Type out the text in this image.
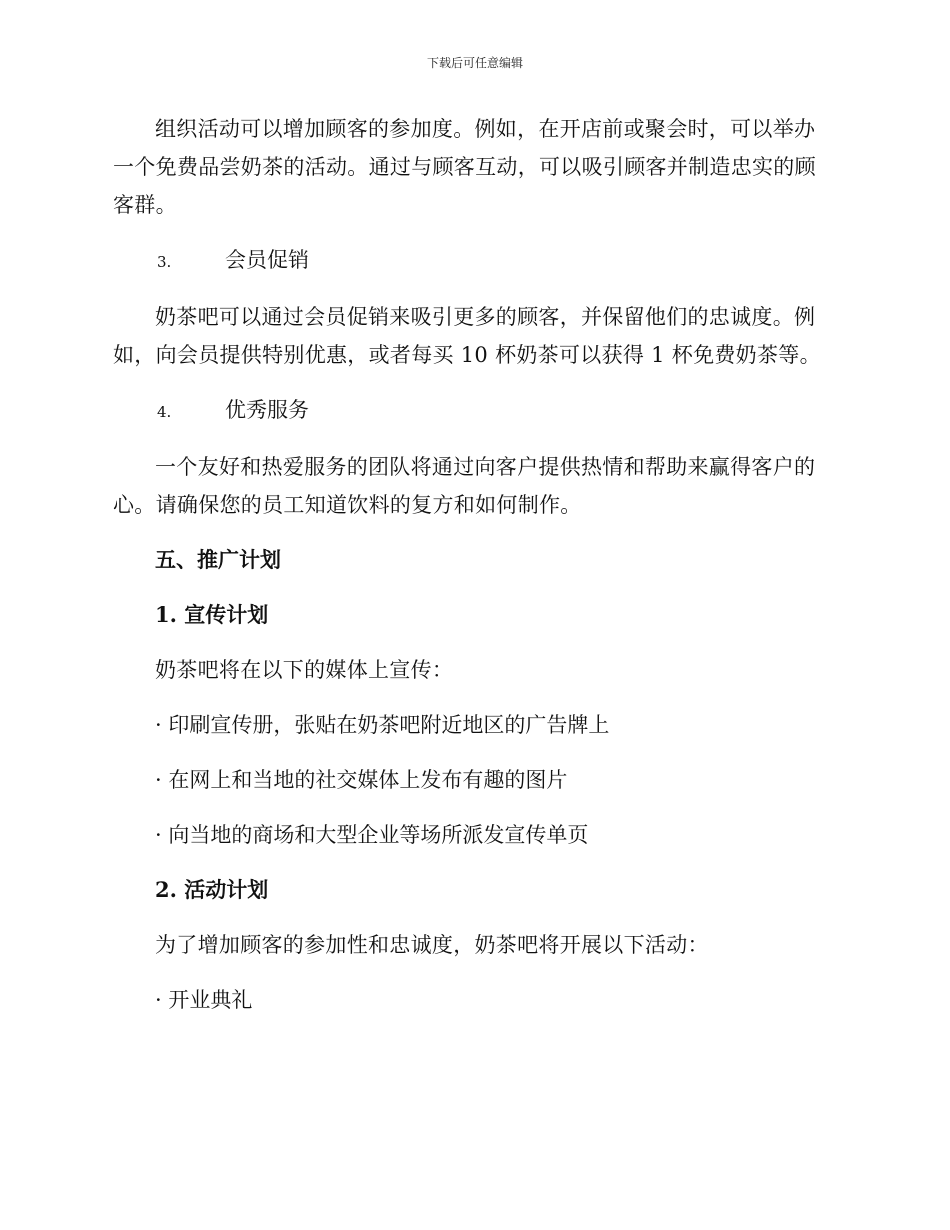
下载后可任意编辑

组织活动可以增加顾客的参加度。例如，在开店前或聚会时，可以举办一个免费品尝奶茶的活动。通过与顾客互动，可以吸引顾客并制造忠实的顾客群。

3.	会员促销

奶茶吧可以通过会员促销来吸引更多的顾客，并保留他们的忠诚度。例如，向会员提供特别优惠，或者每买 10 杯奶茶可以获得 1 杯免费奶茶等。

4.	优秀服务

一个友好和热爱服务的团队将通过向客户提供热情和帮助来赢得客户的心。请确保您的员工知道饮料的复方和如何制作。

五、推广计划
1. 宣传计划

奶茶吧将在以下的媒体上宣传：

· 印刷宣传册，张贴在奶茶吧附近地区的广告牌上
· 在网上和当地的社交媒体上发布有趣的图片
· 向当地的商场和大型企业等场所派发宣传单页
2. 活动计划

为了增加顾客的参加性和忠诚度，奶茶吧将开展以下活动：

· 开业典礼
